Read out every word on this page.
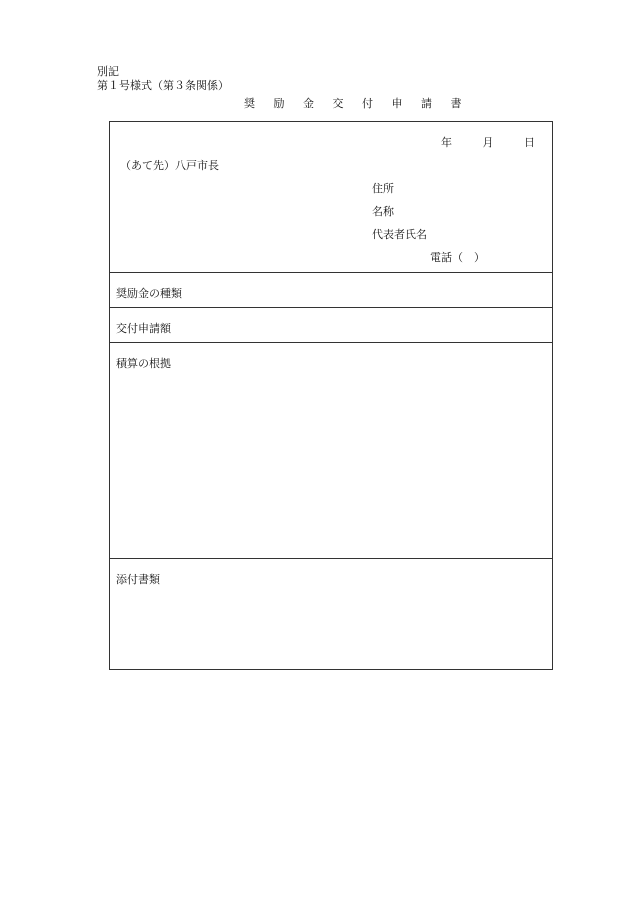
別記
第１号様式（第３条関係）
奨 励 金 交 付 申 請 書
年	月	日
（あて先）八戸市長
住所
名称
代表者氏名
電話（　）
奨励金の種類
交付申請額
積算の根拠
添付書類
